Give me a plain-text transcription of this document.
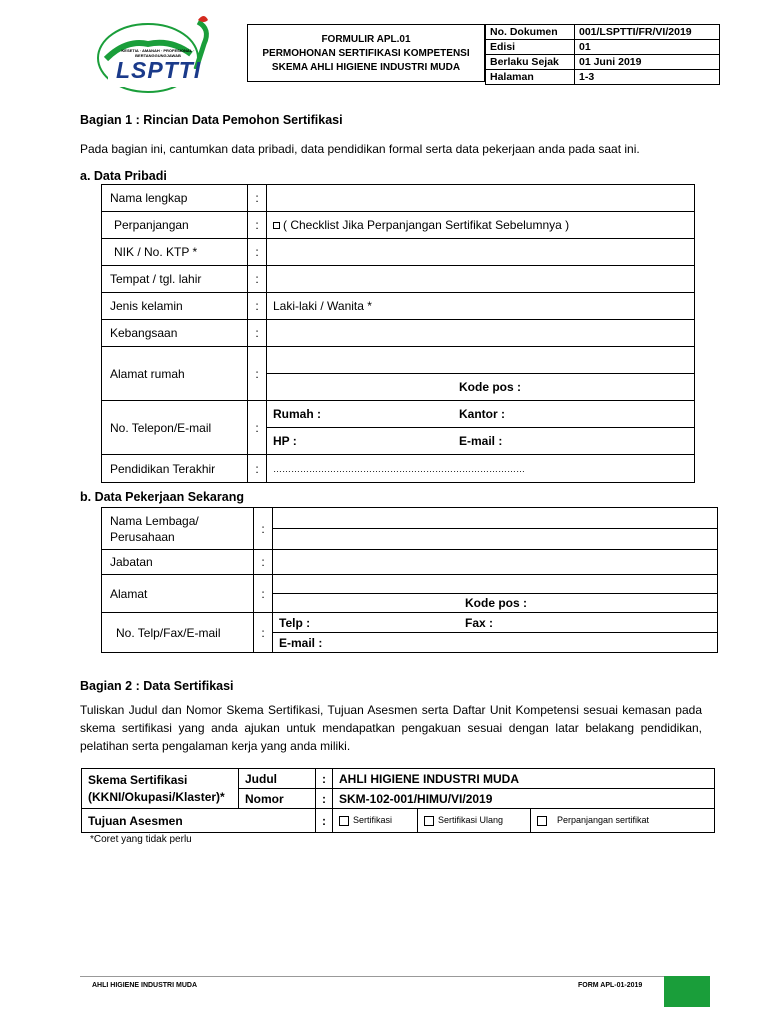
KESETIA · AMANAH · PROFESIONAL · BERTANGGUNGJAWAB
LSPTTI
FORMULIR APL.01
PERMOHONAN SERTIFIKASI KOMPETENSI
SKEMA AHLI HIGIENE INDUSTRI MUDA
No. Dokumen	001/LSPTTI/FR/VI/2019
Edisi	01
Berlaku Sejak	01 Juni 2019
Halaman	1-3
Bagian 1 : Rincian Data Pemohon Sertifikasi
Pada bagian ini, cantumkan data pribadi, data pendidikan formal serta data pekerjaan anda pada saat ini.
a. Data Pribadi
Nama lengkap	:	
Perpanjangan	:	( Checklist Jika Perpanjangan Sertifikat Sebelumnya )
NIK / No. KTP *	:	
Tempat / tgl. lahir	:	
Jenis kelamin	:	Laki-laki / Wanita *
Kebangsaan	:	
Alamat rumah	:	
		Kode pos :
No. Telepon/E-mail	:	Rumah : Kantor :
		HP : E-mail :
Pendidikan Terakhir	:	…………………………………………………………………………
b. Data Pekerjaan Sekarang
Nama Lembaga/ Perusahaan	:	

Jabatan	:	
Alamat	:	
		Kode pos :
No. Telp/Fax/E-mail	:	Telp : Fax :
		E-mail :
Bagian 2 : Data Sertifikasi
Tuliskan Judul dan Nomor Skema Sertifikasi, Tujuan Asesmen serta Daftar Unit Kompetensi sesuai kemasan pada skema sertifikasi yang anda ajukan untuk mendapatkan pengakuan sesuai dengan latar belakang pendidikan, pelatihan serta pengalaman kerja yang anda miliki.
Skema Sertifikasi (KKNI/Okupasi/Klaster)*	Judul	:	AHLI HIGIENE INDUSTRI MUDA		
	Nomor	:	SKM-102-001/HIMU/VI/2019		
Tujuan Asesmen		:	Sertifikasi	Sertifikasi Ulang	Perpanjangan sertifikat
*Coret yang tidak perlu
AHLI HIGIENE INDUSTRI MUDA	FORM APL-01-2019
